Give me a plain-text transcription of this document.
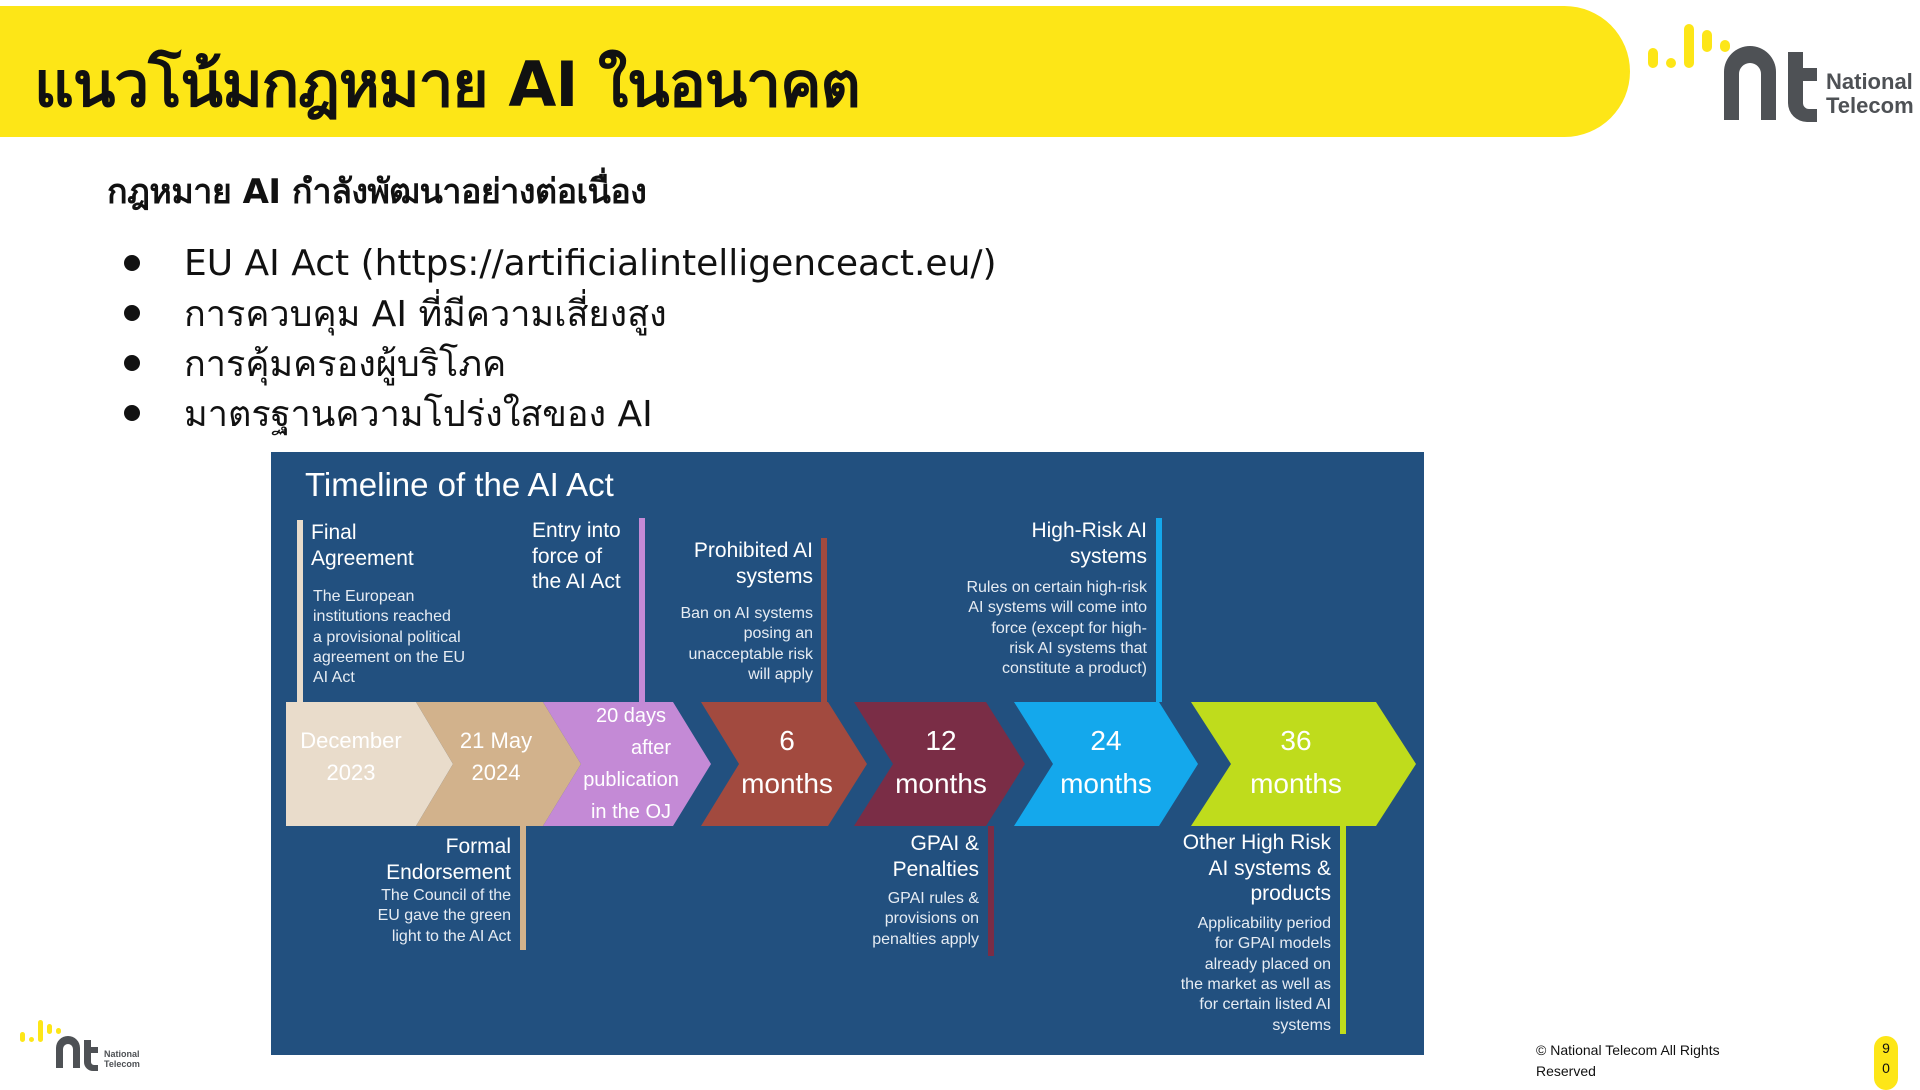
แนวโน้มกฎหมาย AI ในอนาคต	National
Telecom
กฎหมาย AI กำลังพัฒนาอย่างต่อเนื่อง
EU AI Act (https://artificialintelligenceact.eu/)
การควบคุม AI ที่มีความเสี่ยงสูง
การคุ้มครองผู้บริโภค
มาตรฐานความโปร่งใสของ AI
Timeline of the AI Act
December
2023
21 May
2024
20 days
after
publication
in the OJ
6
months
12
months
24
months
36
months
Final
Agreement
The European
institutions reached
a provisional political
agreement on the EU
AI Act
Entry into
force of
the AI Act
Prohibited AI
systems
Ban on AI systems
posing an
unacceptable risk
will apply
High-Risk AI
systems
Rules on certain high-risk
AI systems will come into
force (except for high-
risk AI systems that
constitute a product)
Formal
Endorsement
The Council of the
EU gave the green
light to the AI Act
GPAI &
Penalties
GPAI rules &
provisions on
penalties apply
Other High Risk
AI systems &
products
Applicability period
for GPAI models
already placed on
the market as well as
for certain listed AI
systems
National
Telecom
© National Telecom All Rights
Reserved
9
0
